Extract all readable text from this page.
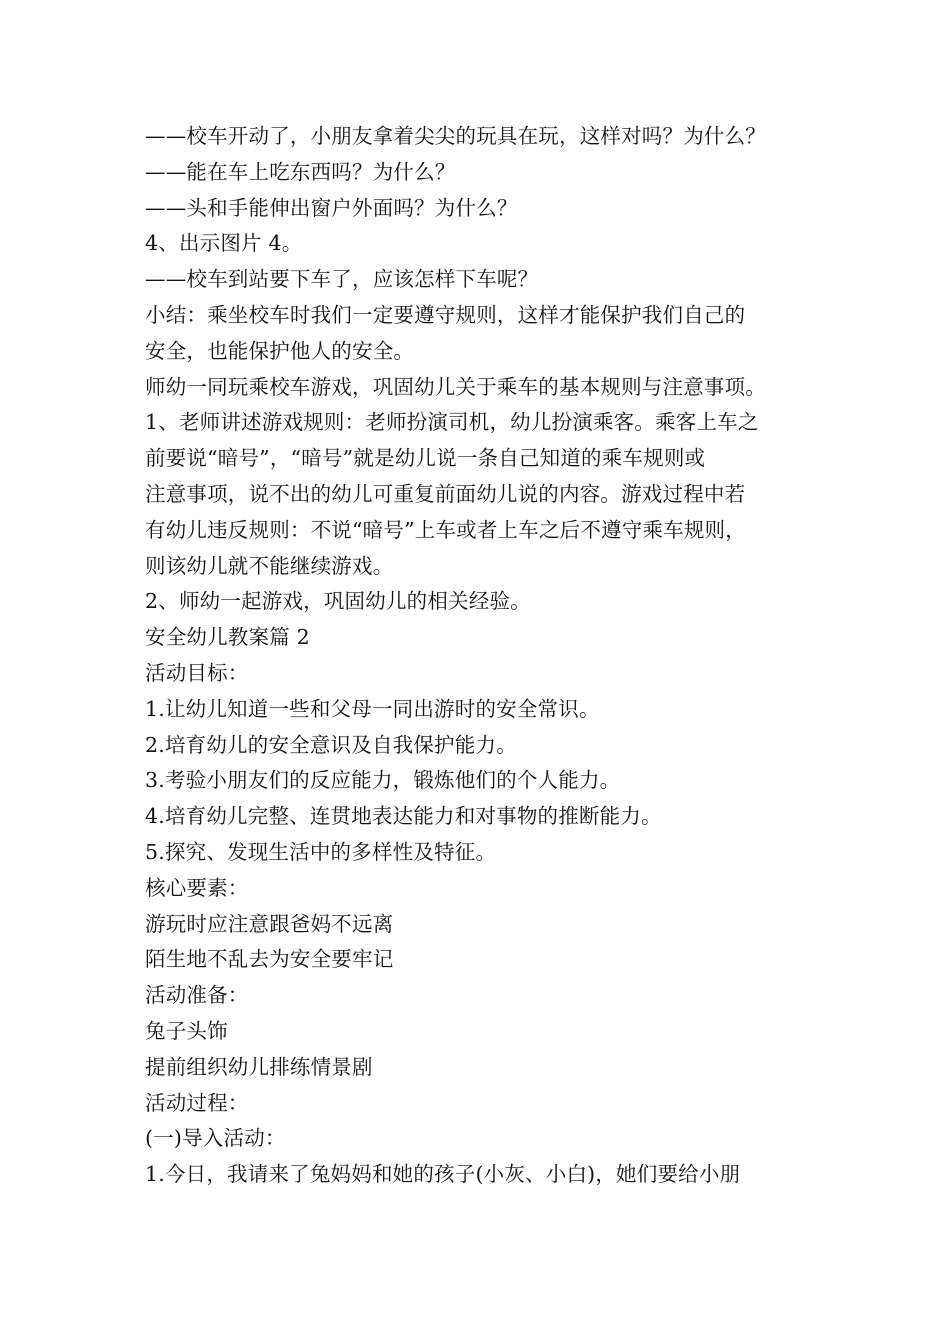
——校车开动了，小朋友拿着尖尖的玩具在玩，这样对吗？为什么？
——能在车上吃东西吗？为什么？
——头和手能伸出窗户外面吗？为什么？
4、出示图片 4。
——校车到站要下车了，应该怎样下车呢？
小结：乘坐校车时我们一定要遵守规则，这样才能保护我们自己的
安全，也能保护他人的安全。
师幼一同玩乘校车游戏，巩固幼儿关于乘车的基本规则与注意事项。
1、老师讲述游戏规则：老师扮演司机，幼儿扮演乘客。乘客上车之
前要说“暗号”，“暗号”就是幼儿说一条自己知道的乘车规则或
注意事项，说不出的幼儿可重复前面幼儿说的内容。游戏过程中若
有幼儿违反规则：不说“暗号”上车或者上车之后不遵守乘车规则，
则该幼儿就不能继续游戏。
2、师幼一起游戏，巩固幼儿的相关经验。
安全幼儿教案篇 2
活动目标：
1.让幼儿知道一些和父母一同出游时的安全常识。
2.培育幼儿的安全意识及自我保护能力。
3.考验小朋友们的反应能力，锻炼他们的个人能力。
4.培育幼儿完整、连贯地表达能力和对事物的推断能力。
5.探究、发现生活中的多样性及特征。
核心要素：
游玩时应注意跟爸妈不远离
陌生地不乱去为安全要牢记
活动准备：
兔子头饰
提前组织幼儿排练情景剧
活动过程：
(一)导入活动：
1.今日，我请来了兔妈妈和她的孩子(小灰、小白)，她们要给小朋
